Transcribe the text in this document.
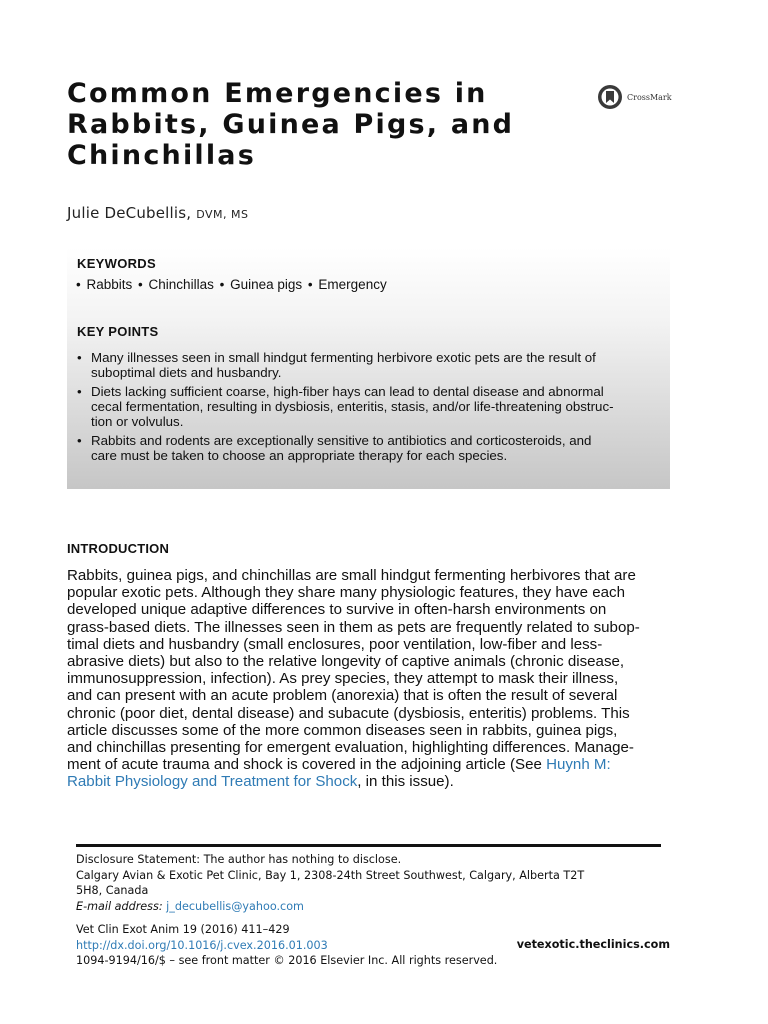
Common Emergencies in
Rabbits, Guinea Pigs, and
Chinchillas
CrossMark
Julie DeCubellis, DVM, MS
KEYWORDS
• Rabbits • Chinchillas • Guinea pigs • Emergency
KEY POINTS
• Many illnesses seen in small hindgut fermenting herbivore exotic pets are the result of
suboptimal diets and husbandry.
• Diets lacking sufficient coarse, high-fiber hays can lead to dental disease and abnormal
cecal fermentation, resulting in dysbiosis, enteritis, stasis, and/or life-threatening obstruc-
tion or volvulus.
• Rabbits and rodents are exceptionally sensitive to antibiotics and corticosteroids, and
care must be taken to choose an appropriate therapy for each species.
INTRODUCTION

Rabbits, guinea pigs, and chinchillas are small hindgut fermenting herbivores that are
popular exotic pets. Although they share many physiologic features, they have each
developed unique adaptive differences to survive in often-harsh environments on
grass-based diets. The illnesses seen in them as pets are frequently related to subop-
timal diets and husbandry (small enclosures, poor ventilation, low-fiber and less-
abrasive diets) but also to the relative longevity of captive animals (chronic disease,
immunosuppression, infection). As prey species, they attempt to mask their illness,
and can present with an acute problem (anorexia) that is often the result of several
chronic (poor diet, dental disease) and subacute (dysbiosis, enteritis) problems. This
article discusses some of the more common diseases seen in rabbits, guinea pigs,
and chinchillas presenting for emergent evaluation, highlighting differences. Manage-
ment of acute trauma and shock is covered in the adjoining article (See Huynh M:
Rabbit Physiology and Treatment for Shock, in this issue).

Disclosure Statement: The author has nothing to disclose.
Calgary Avian & Exotic Pet Clinic, Bay 1, 2308-24th Street Southwest, Calgary, Alberta T2T
5H8, Canada
E-mail address: j_decubellis@yahoo.com
Vet Clin Exot Anim 19 (2016) 411–429
http://dx.doi.org/10.1016/j.cvex.2016.01.003
1094-9194/16/$ – see front matter © 2016 Elsevier Inc. All rights reserved.
vetexotic.theclinics.com
